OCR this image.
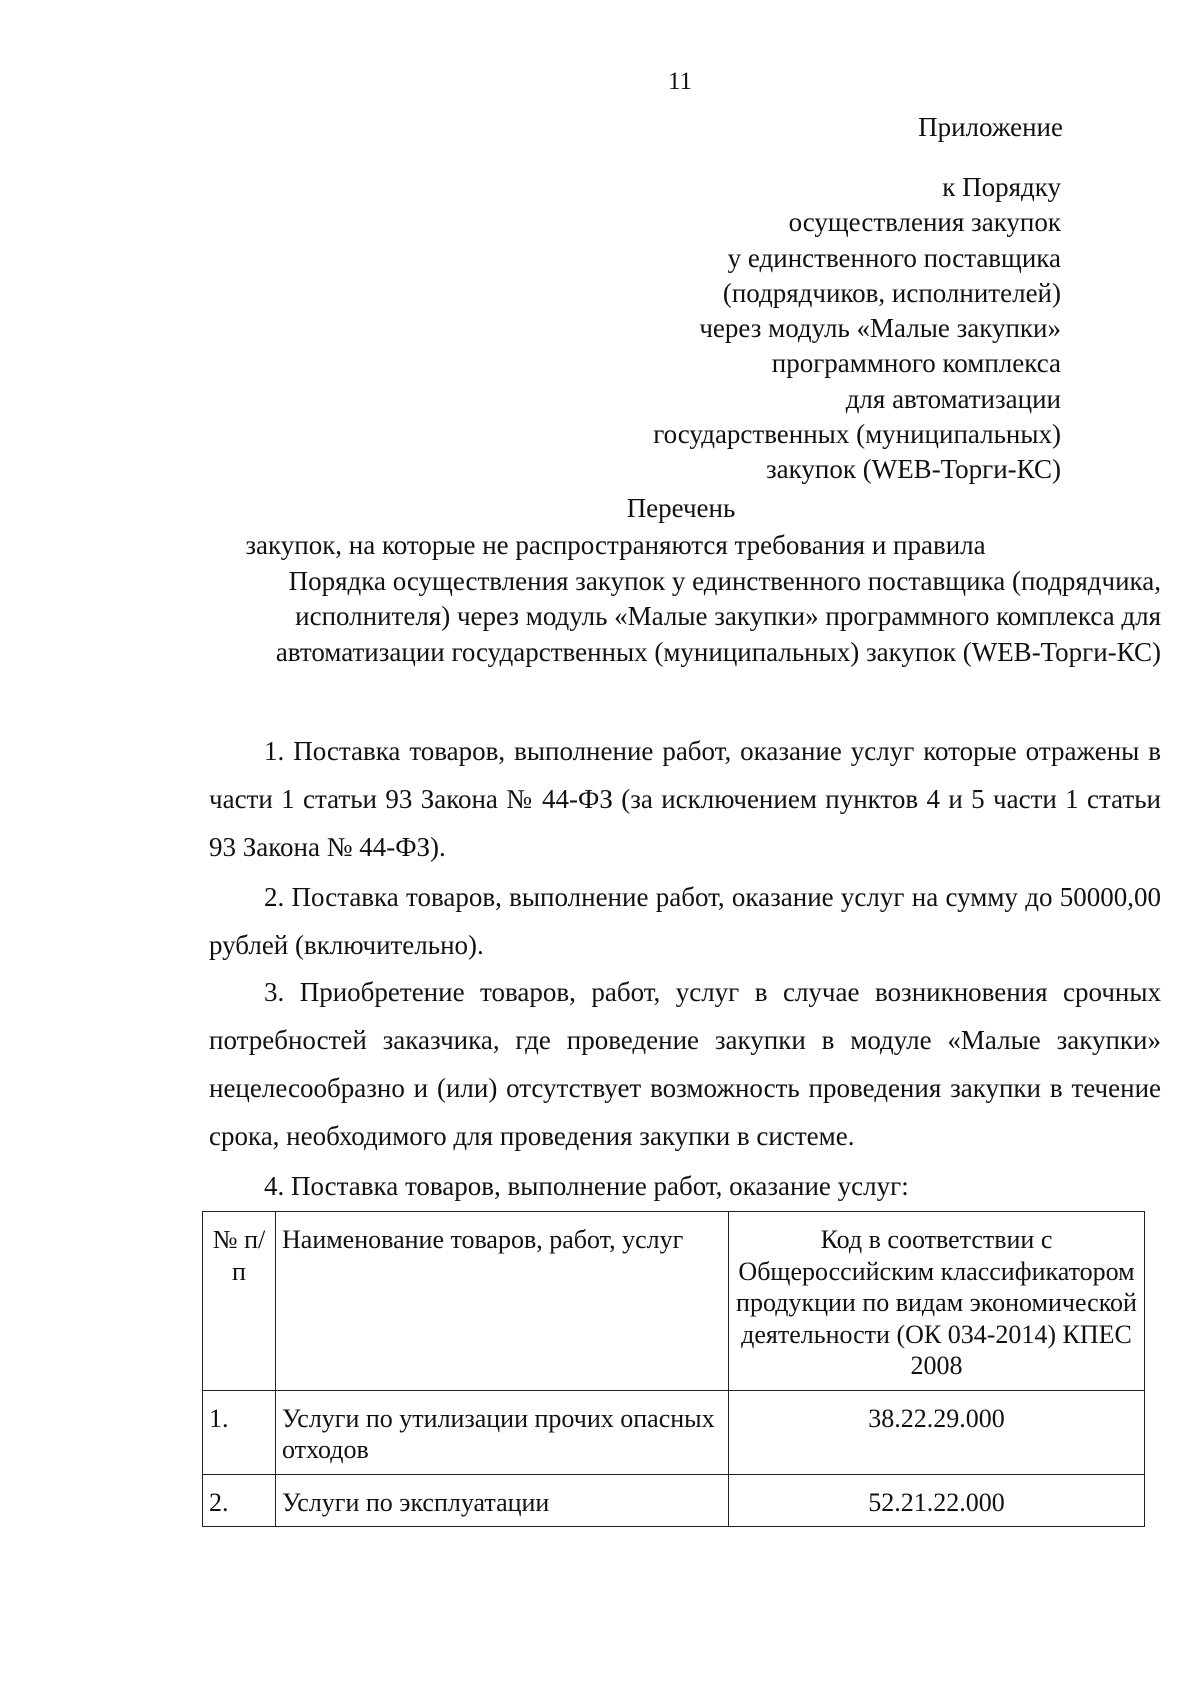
11
Приложение
к Порядку
осуществления закупок
у единственного поставщика
(подрядчиков, исполнителей)
через модуль «Малые закупки»
программного комплекса
для автоматизации
государственных (муниципальных)
закупок (WEB-Торги-КС)
Перечень
закупок, на которые не распространяются требования и правила
Порядка осуществления закупок у единственного поставщика (подрядчика,
исполнителя) через модуль «Малые закупки» программного комплекса для
автоматизации государственных (муниципальных) закупок (WEB-Торги-КС)

1. Поставка товаров, выполнение работ, оказание услуг которые отражены в части 1 статьи 93 Закона № 44-ФЗ (за исключением пунктов 4 и 5 части 1 статьи 93 Закона № 44-ФЗ).

2. Поставка товаров, выполнение работ, оказание услуг на сумму до 50000,00 рублей (включительно).

3. Приобретение товаров, работ, услуг в случае возникновения срочных потребностей заказчика, где проведение закупки в модуле «Малые закупки» нецелесообразно и (или) отсутствует возможность проведения закупки в течение срока, необходимого для проведения закупки в системе.

4. Поставка товаров, выполнение работ, оказание услуг:

№ п/п	Наименование товаров, работ, услуг	Код в соответствии с Общероссийским классификатором продукции по видам экономической деятельности (ОК 034-2014) КПЕС 2008
1.	Услуги по утилизации прочих опасных отходов	38.22.29.000
2.	Услуги по эксплуатации	52.21.22.000
